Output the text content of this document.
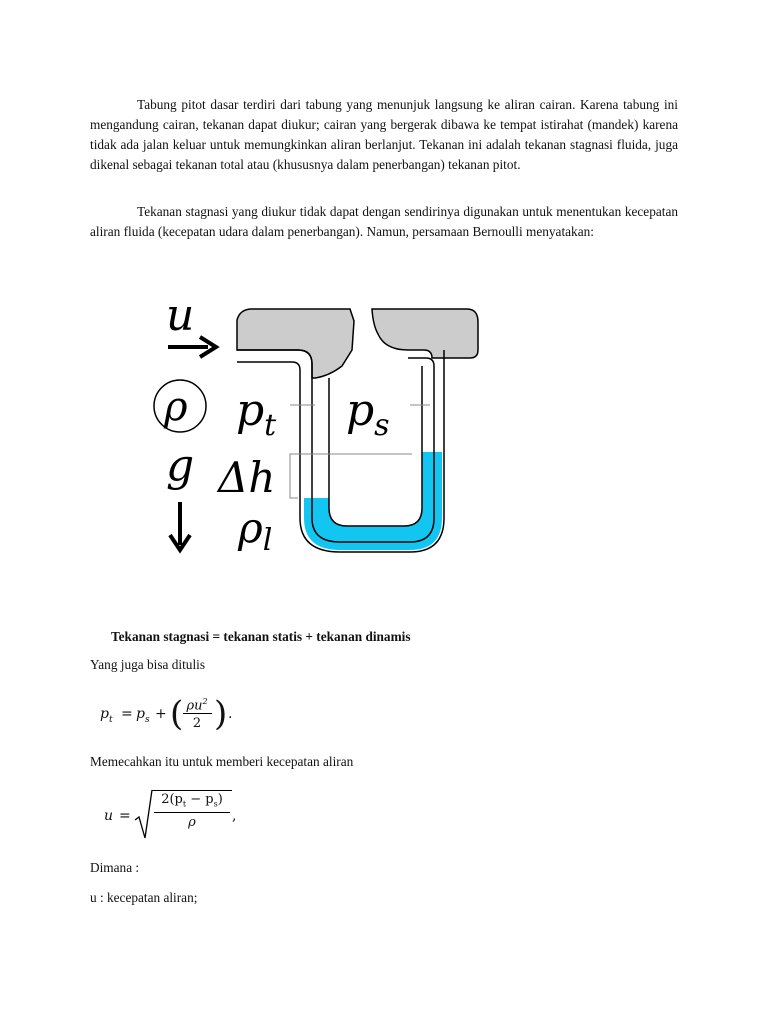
Tabung pitot dasar terdiri dari tabung yang menunjuk langsung ke aliran cairan. Karena tabung ini mengandung cairan, tekanan dapat diukur; cairan yang bergerak dibawa ke tempat istirahat (mandek) karena tidak ada jalan keluar untuk memungkinkan aliran berlanjut. Tekanan ini adalah tekanan stagnasi fluida, juga dikenal sebagai tekanan total atau (khususnya dalam penerbangan) tekanan pitot.

Tekanan stagnasi yang diukur tidak dapat dengan sendirinya digunakan untuk menentukan kecepatan aliran fluida (kecepatan udara dalam penerbangan). Namun, persamaan Bernoulli menyatakan:

u
ρ
g
$p_t$ $p_s$
Δh
ρl

Tekanan stagnasi = tekanan statis + tekanan dinamis

Yang juga bisa ditulis

$p_t = p_s$ + ( $\rho u^2$
2 ) .

Memecahkan itu untuk memberi kecepatan aliran

u =
$2(p_t - p_s)$
ρ	,

Dimana :

u : kecepatan aliran;
